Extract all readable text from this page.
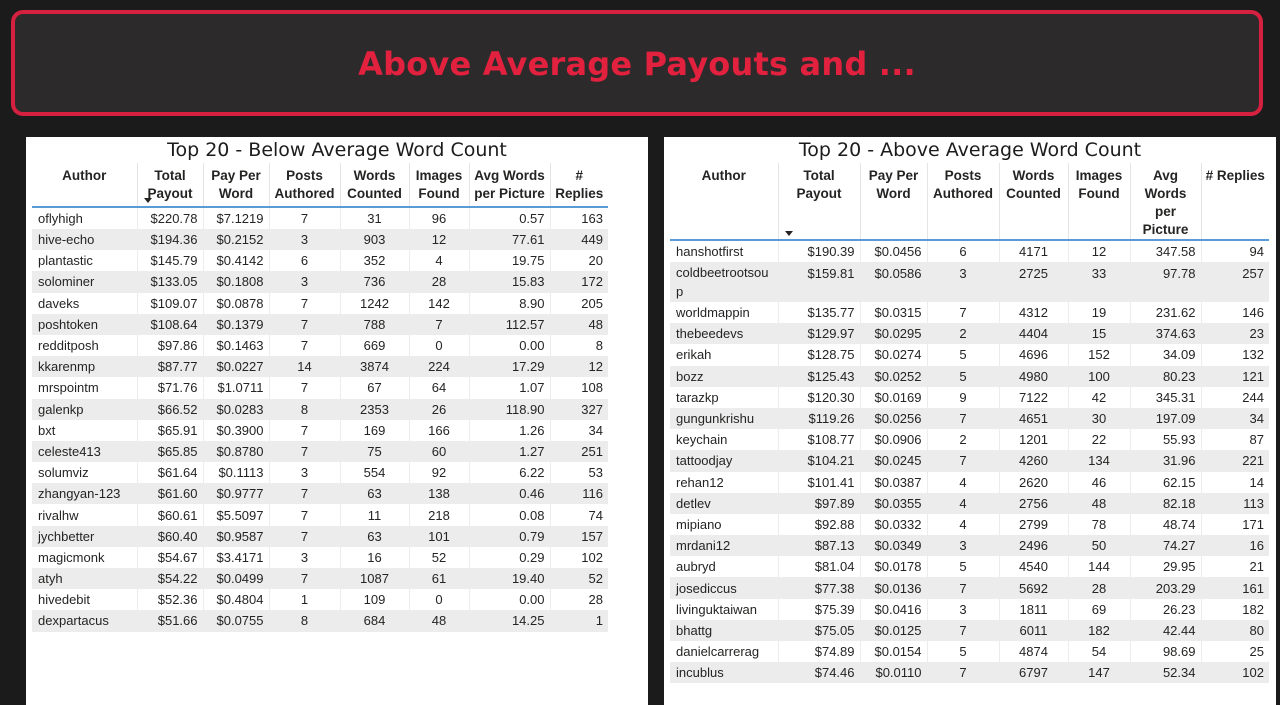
Above Average Payouts and ...
Top 20 - Below Average Word Count
Author	Total Payout	Pay Per Word	Posts Authored	Words Counted	Images Found	Avg Words per Picture	# Replies
oflyhigh	$220.78	$7.1219	7	31	96	0.57	163
hive-echo	$194.36	$0.2152	3	903	12	77.61	449
plantastic	$145.79	$0.4142	6	352	4	19.75	20
solominer	$133.05	$0.1808	3	736	28	15.83	172
daveks	$109.07	$0.0878	7	1242	142	8.90	205
poshtoken	$108.64	$0.1379	7	788	7	112.57	48
redditposh	$97.86	$0.1463	7	669	0	0.00	8
kkarenmp	$87.77	$0.0227	14	3874	224	17.29	12
mrspointm	$71.76	$1.0711	7	67	64	1.07	108
galenkp	$66.52	$0.0283	8	2353	26	118.90	327
bxt	$65.91	$0.3900	7	169	166	1.26	34
celeste413	$65.85	$0.8780	7	75	60	1.27	251
solumviz	$61.64	$0.1113	3	554	92	6.22	53
zhangyan-123	$61.60	$0.9777	7	63	138	0.46	116
rivalhw	$60.61	$5.5097	7	11	218	0.08	74
jychbetter	$60.40	$0.9587	7	63	101	0.79	157
magicmonk	$54.67	$3.4171	3	16	52	0.29	102
atyh	$54.22	$0.0499	7	1087	61	19.40	52
hivedebit	$52.36	$0.4804	1	109	0	0.00	28
dexpartacus	$51.66	$0.0755	8	684	48	14.25	1
Top 20 - Above Average Word Count
Author	Total Payout	Pay Per Word	Posts Authored	Words Counted	Images Found	Avg Words per Picture	# Replies
hanshotfirst	$190.39	$0.0456	6	4171	12	347.58	94
coldbeetrootsoup	$159.81	$0.0586	3	2725	33	97.78	257
worldmappin	$135.77	$0.0315	7	4312	19	231.62	146
thebeedevs	$129.97	$0.0295	2	4404	15	374.63	23
erikah	$128.75	$0.0274	5	4696	152	34.09	132
bozz	$125.43	$0.0252	5	4980	100	80.23	121
tarazkp	$120.30	$0.0169	9	7122	42	345.31	244
gungunkrishu	$119.26	$0.0256	7	4651	30	197.09	34
keychain	$108.77	$0.0906	2	1201	22	55.93	87
tattoodjay	$104.21	$0.0245	7	4260	134	31.96	221
rehan12	$101.41	$0.0387	4	2620	46	62.15	14
detlev	$97.89	$0.0355	4	2756	48	82.18	113
mipiano	$92.88	$0.0332	4	2799	78	48.74	171
mrdani12	$87.13	$0.0349	3	2496	50	74.27	16
aubryd	$81.04	$0.0178	5	4540	144	29.95	21
josediccus	$77.38	$0.0136	7	5692	28	203.29	161
livinguktaiwan	$75.39	$0.0416	3	1811	69	26.23	182
bhattg	$75.05	$0.0125	7	6011	182	42.44	80
danielcarrerag	$74.89	$0.0154	5	4874	54	98.69	25
incublus	$74.46	$0.0110	7	6797	147	52.34	102
